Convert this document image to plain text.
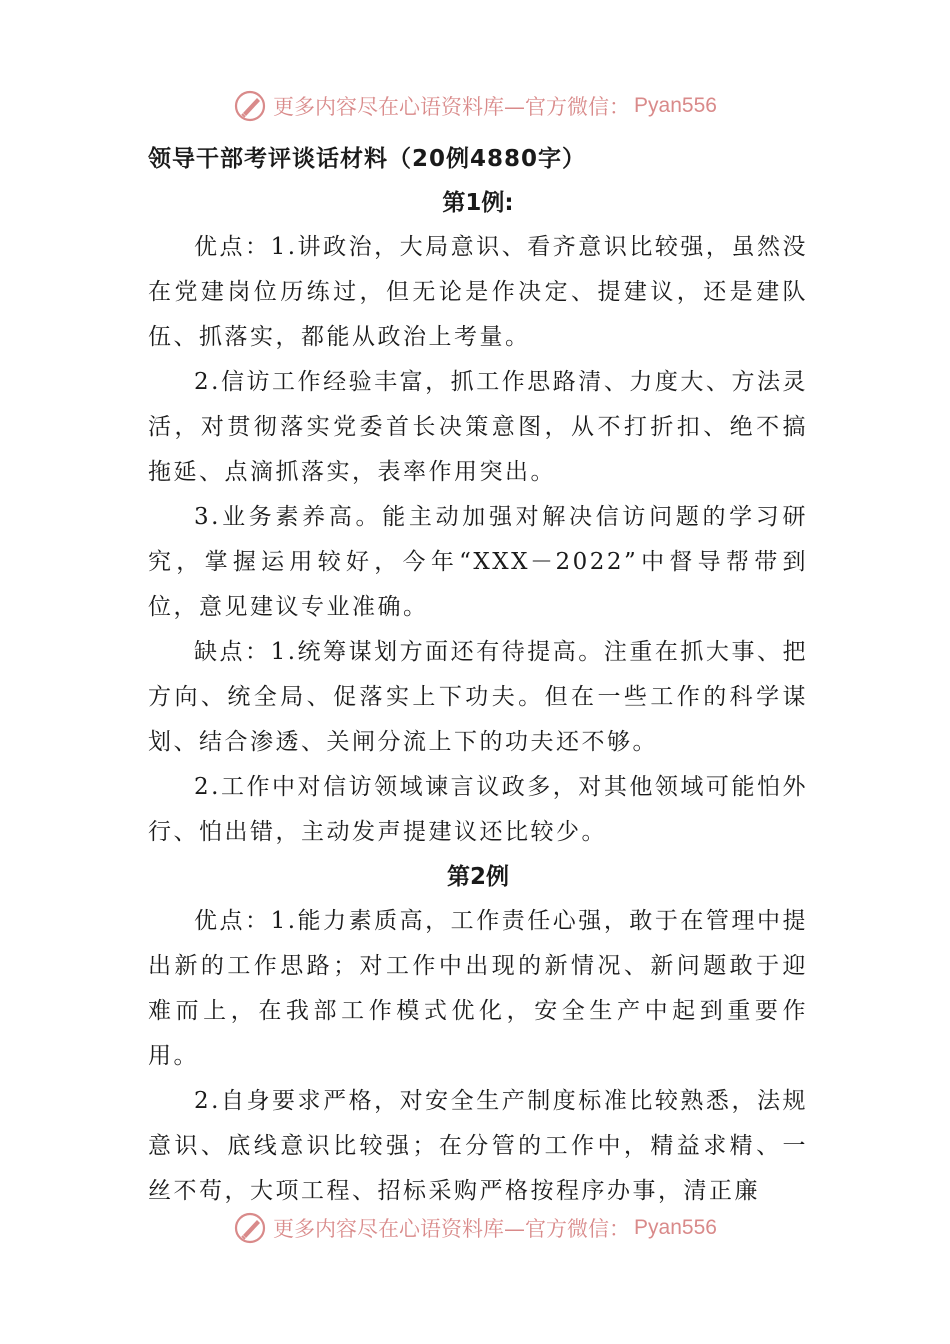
更多内容尽在心语资料库—官方微信： Pyan556
领导干部考评谈话材料（20例4880字）
第1例:

优点：1.讲政治，大局意识、看齐意识比较强，虽然没在党建岗位历练过，但无论是作决定、提建议，还是建队伍、抓落实，都能从政治上考量。

2.信访工作经验丰富，抓工作思路清、力度大、方法灵活，对贯彻落实党委首长决策意图，从不打折扣、绝不搞拖延、点滴抓落实，表率作用突出。

3.业务素养高。能主动加强对解决信访问题的学习研究，掌握运用较好，今年“XXX－2022”中督导帮带到位，意见建议专业准确。

缺点：1.统筹谋划方面还有待提高。注重在抓大事、把方向、统全局、促落实上下功夫。但在一些工作的科学谋划、结合渗透、关闸分流上下的功夫还不够。

2.工作中对信访领域谏言议政多，对其他领域可能怕外行、怕出错，主动发声提建议还比较少。

第2例

优点：1.能力素质高，工作责任心强，敢于在管理中提出新的工作思路；对工作中出现的新情况、新问题敢于迎难而上，在我部工作模式优化，安全生产中起到重要作用。

2.自身要求严格，对安全生产制度标准比较熟悉，法规意识、底线意识比较强；在分管的工作中，精益求精、一丝不苟，大项工程、招标采购严格按程序办事，清正廉

更多内容尽在心语资料库—官方微信： Pyan556
